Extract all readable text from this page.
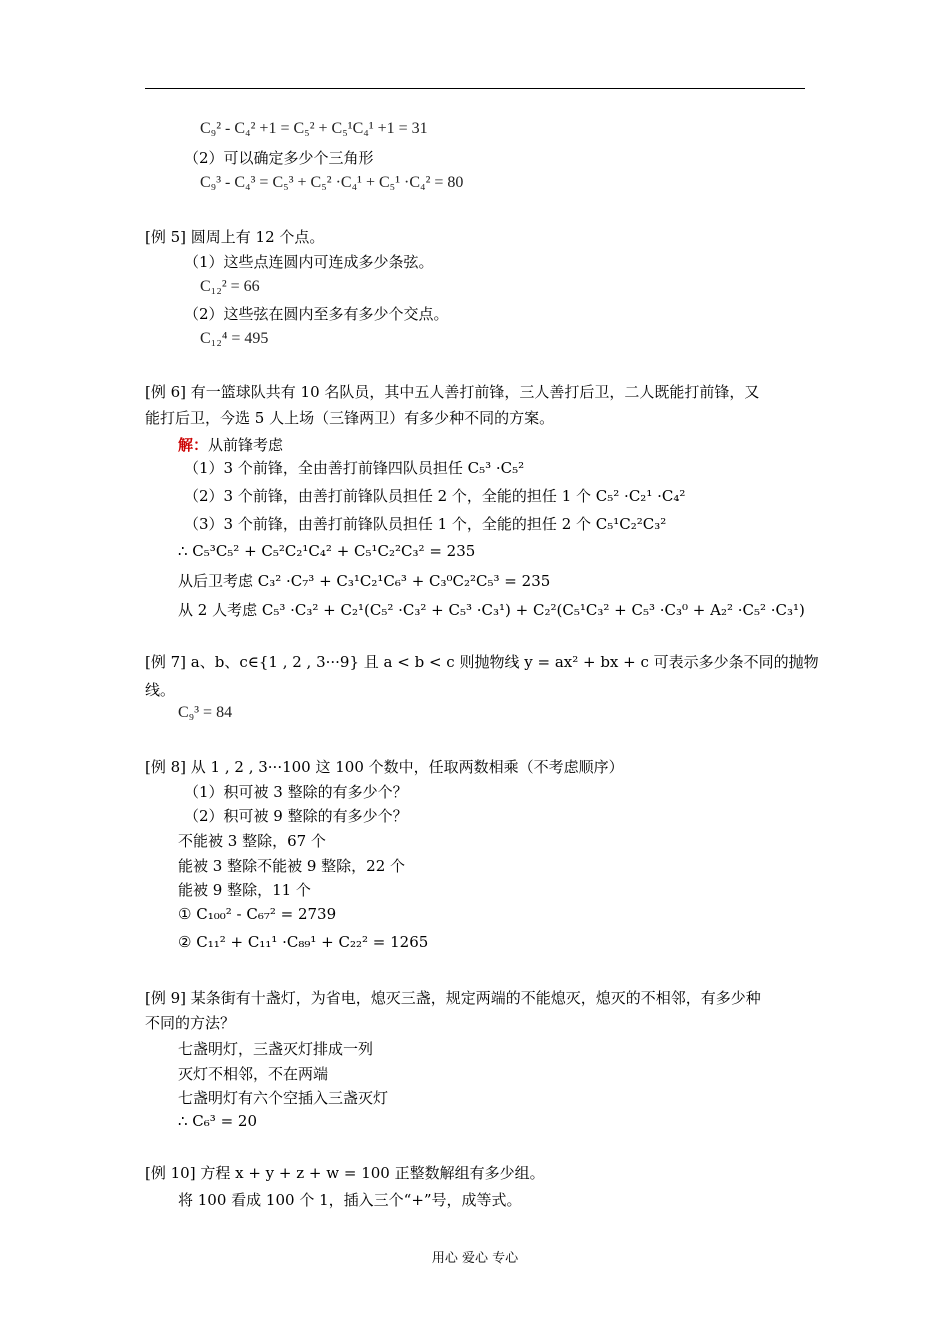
C₉² - C₄² +1 = C₅² + C₅¹C₄¹ +1 = 31
（2）可以确定多少个三角形
C₉³ - C₄³ = C₅³ + C₅² ·C₄¹ + C₅¹ ·C₄² = 80
[例 5] 圆周上有 12 个点。
（1）这些点连圆内可连成多少条弦。
C₁₂² = 66
（2）这些弦在圆内至多有多少个交点。
C₁₂⁴ = 495
[例 6] 有一篮球队共有 10 名队员，其中五人善打前锋，三人善打后卫，二人既能打前锋，又
能打后卫，今选 5 人上场（三锋两卫）有多少种不同的方案。
解：从前锋考虑
（1）3 个前锋，全由善打前锋四队员担任 C₅³ ·C₅²
（2）3 个前锋，由善打前锋队员担任 2 个，全能的担任 1 个 C₅² ·C₂¹ ·C₄²
（3）3 个前锋，由善打前锋队员担任 1 个，全能的担任 2 个 C₅¹C₂²C₃²
∴ C₅³C₅² + C₅²C₂¹C₄² + C₅¹C₂²C₃² = 235
从后卫考虑 C₃² ·C₇³ + C₃¹C₂¹C₆³ + C₃⁰C₂²C₅³ = 235
从 2 人考虑 C₅³ ·C₃² + C₂¹(C₅² ·C₃² + C₅³ ·C₃¹) + C₂²(C₅¹C₃² + C₅³ ·C₃⁰ + A₂² ·C₅² ·C₃¹)
[例 7] a、b、c∈{1 , 2 , 3···9} 且 a < b < c 则抛物线 y = ax² + bx + c 可表示多少条不同的抛物
线。
C₉³ = 84
[例 8] 从 1 , 2 , 3···100 这 100 个数中，任取两数相乘（不考虑顺序）
（1）积可被 3 整除的有多少个？
（2）积可被 9 整除的有多少个？
不能被 3 整除，67 个
能被 3 整除不能被 9 整除，22 个
能被 9 整除，11 个
① C₁₀₀² - C₆₇² = 2739
② C₁₁² + C₁₁¹ ·C₈₉¹ + C₂₂² = 1265
[例 9] 某条街有十盏灯，为省电，熄灭三盏，规定两端的不能熄灭，熄灭的不相邻，有多少种
不同的方法？
七盏明灯，三盏灭灯排成一列
灭灯不相邻，不在两端
七盏明灯有六个空插入三盏灭灯
∴ C₆³ = 20
[例 10] 方程 x + y + z + w = 100 正整数解组有多少组。
将 100 看成 100 个 1，插入三个“+”号，成等式。
用心 爱心 专心
